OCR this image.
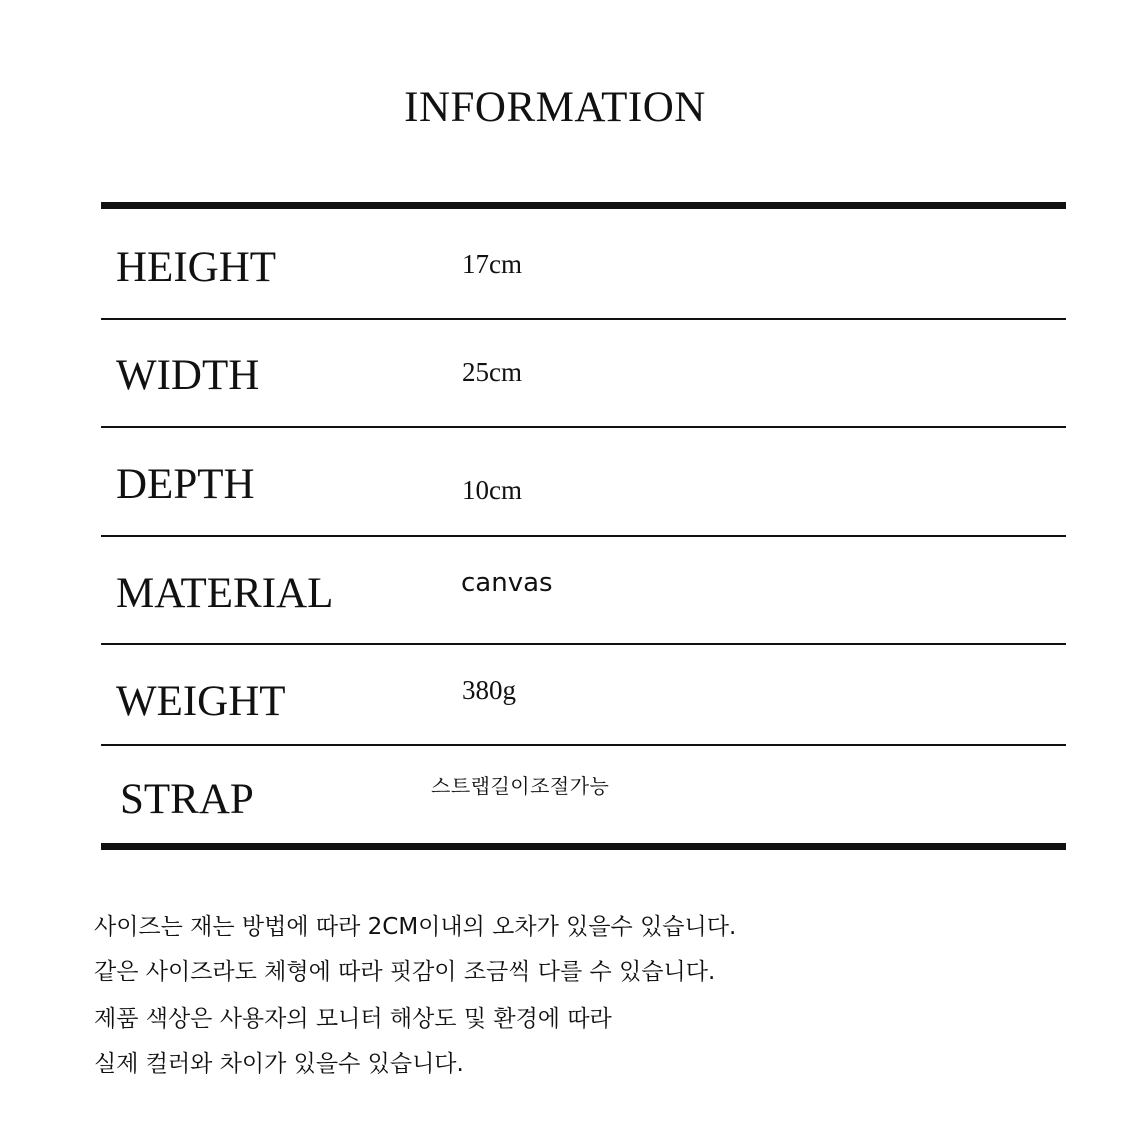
INFORMATION
HEIGHT	17cm
WIDTH	25cm
DEPTH	10cm
MATERIAL	canvas
WEIGHT	380g
STRAP	스트랩길이조절가능
사이즈는 재는 방법에 따라 2CM이내의 오차가 있을수 있습니다.
같은 사이즈라도 체형에 따라 핏감이 조금씩 다를 수 있습니다.
제품 색상은 사용자의 모니터 해상도 및 환경에 따라
실제 컬러와 차이가 있을수 있습니다.
